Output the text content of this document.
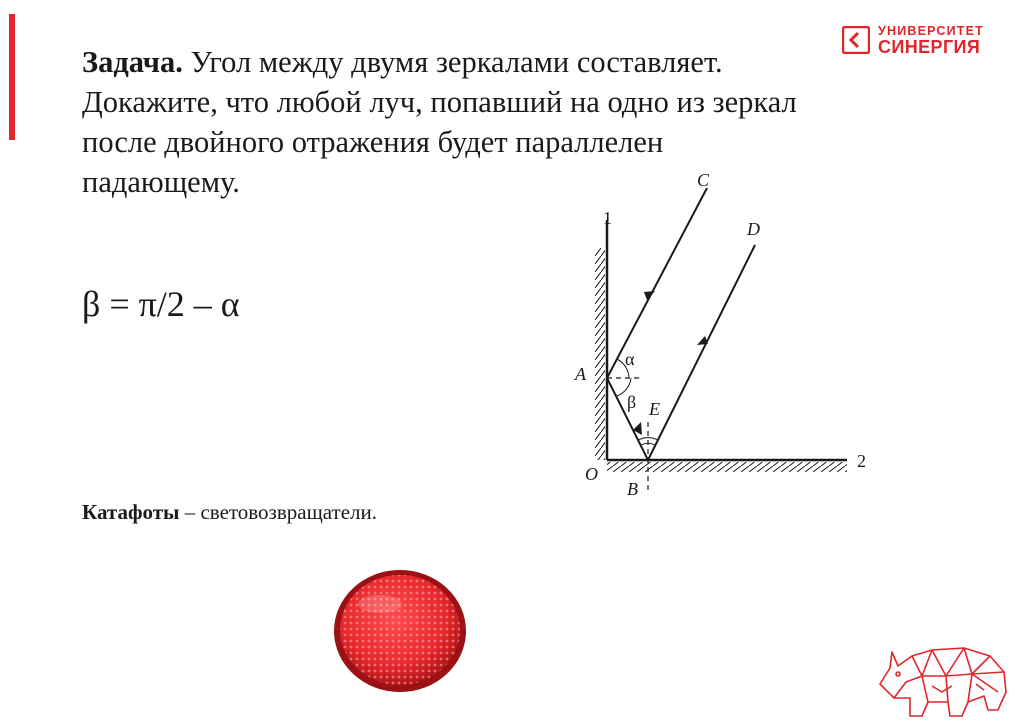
УНИВЕРСИТЕТ
СИНЕРГИЯ

Задача. Угол между двумя зеркалами составляет.
Докажите, что любой луч, попавший на одно из зеркал
после двойного отражения будет параллелен
падающему.

β = π/2 – α

Катафоты – световозвращатели.

1
2
C
D
A
α
β E
O
B
